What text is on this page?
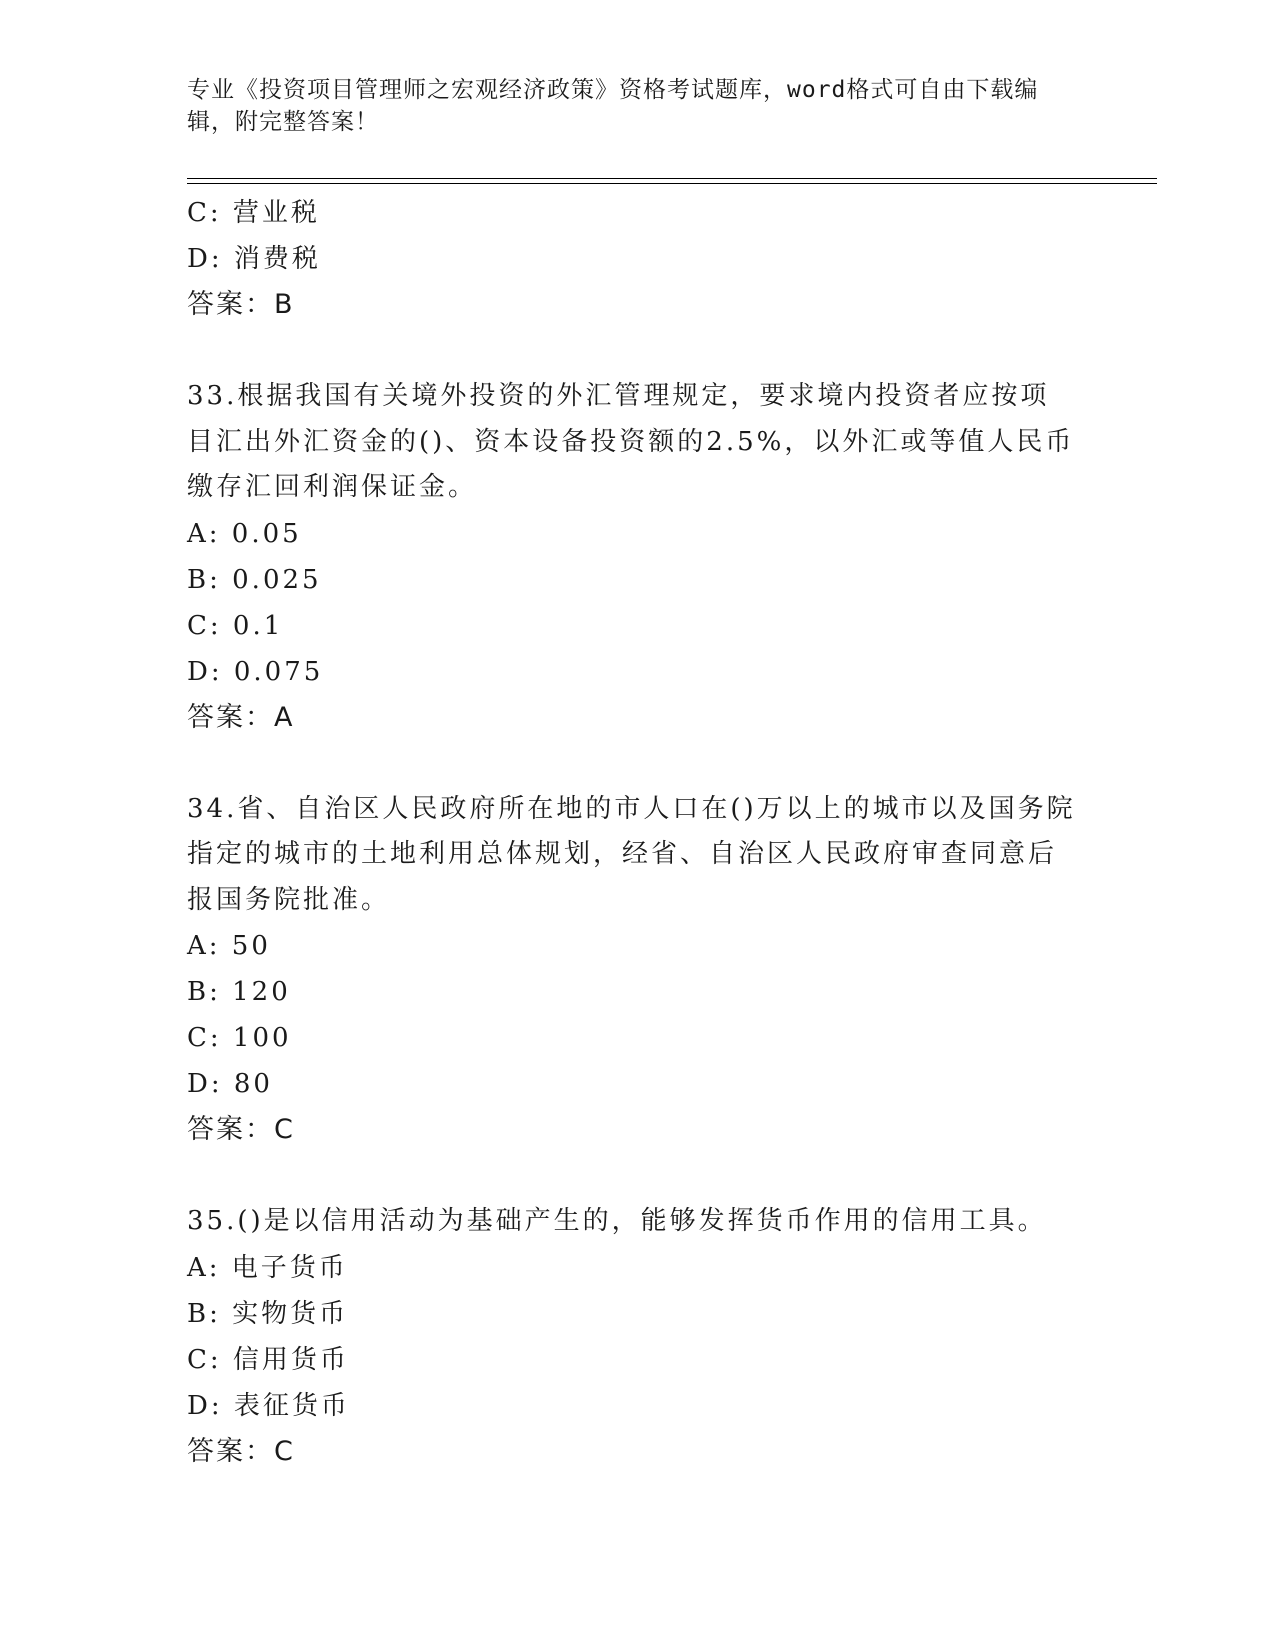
专业《投资项目管理师之宏观经济政策》资格考试题库，word格式可自由下载编辑，附完整答案！
C: 营业税
D: 消费税
答案：B
33.根据我国有关境外投资的外汇管理规定，要求境内投资者应按项目汇出外汇资金的()、资本设备投资额的2.5%，以外汇或等值人民币缴存汇回利润保证金。
A: 0.05
B: 0.025
C: 0.1
D: 0.075
答案：A
34.省、自治区人民政府所在地的市人口在()万以上的城市以及国务院指定的城市的土地利用总体规划，经省、自治区人民政府审查同意后报国务院批准。
A: 50
B: 120
C: 100
D: 80
答案：C
35.()是以信用活动为基础产生的，能够发挥货币作用的信用工具。
A: 电子货币
B: 实物货币
C: 信用货币
D: 表征货币
答案：C
